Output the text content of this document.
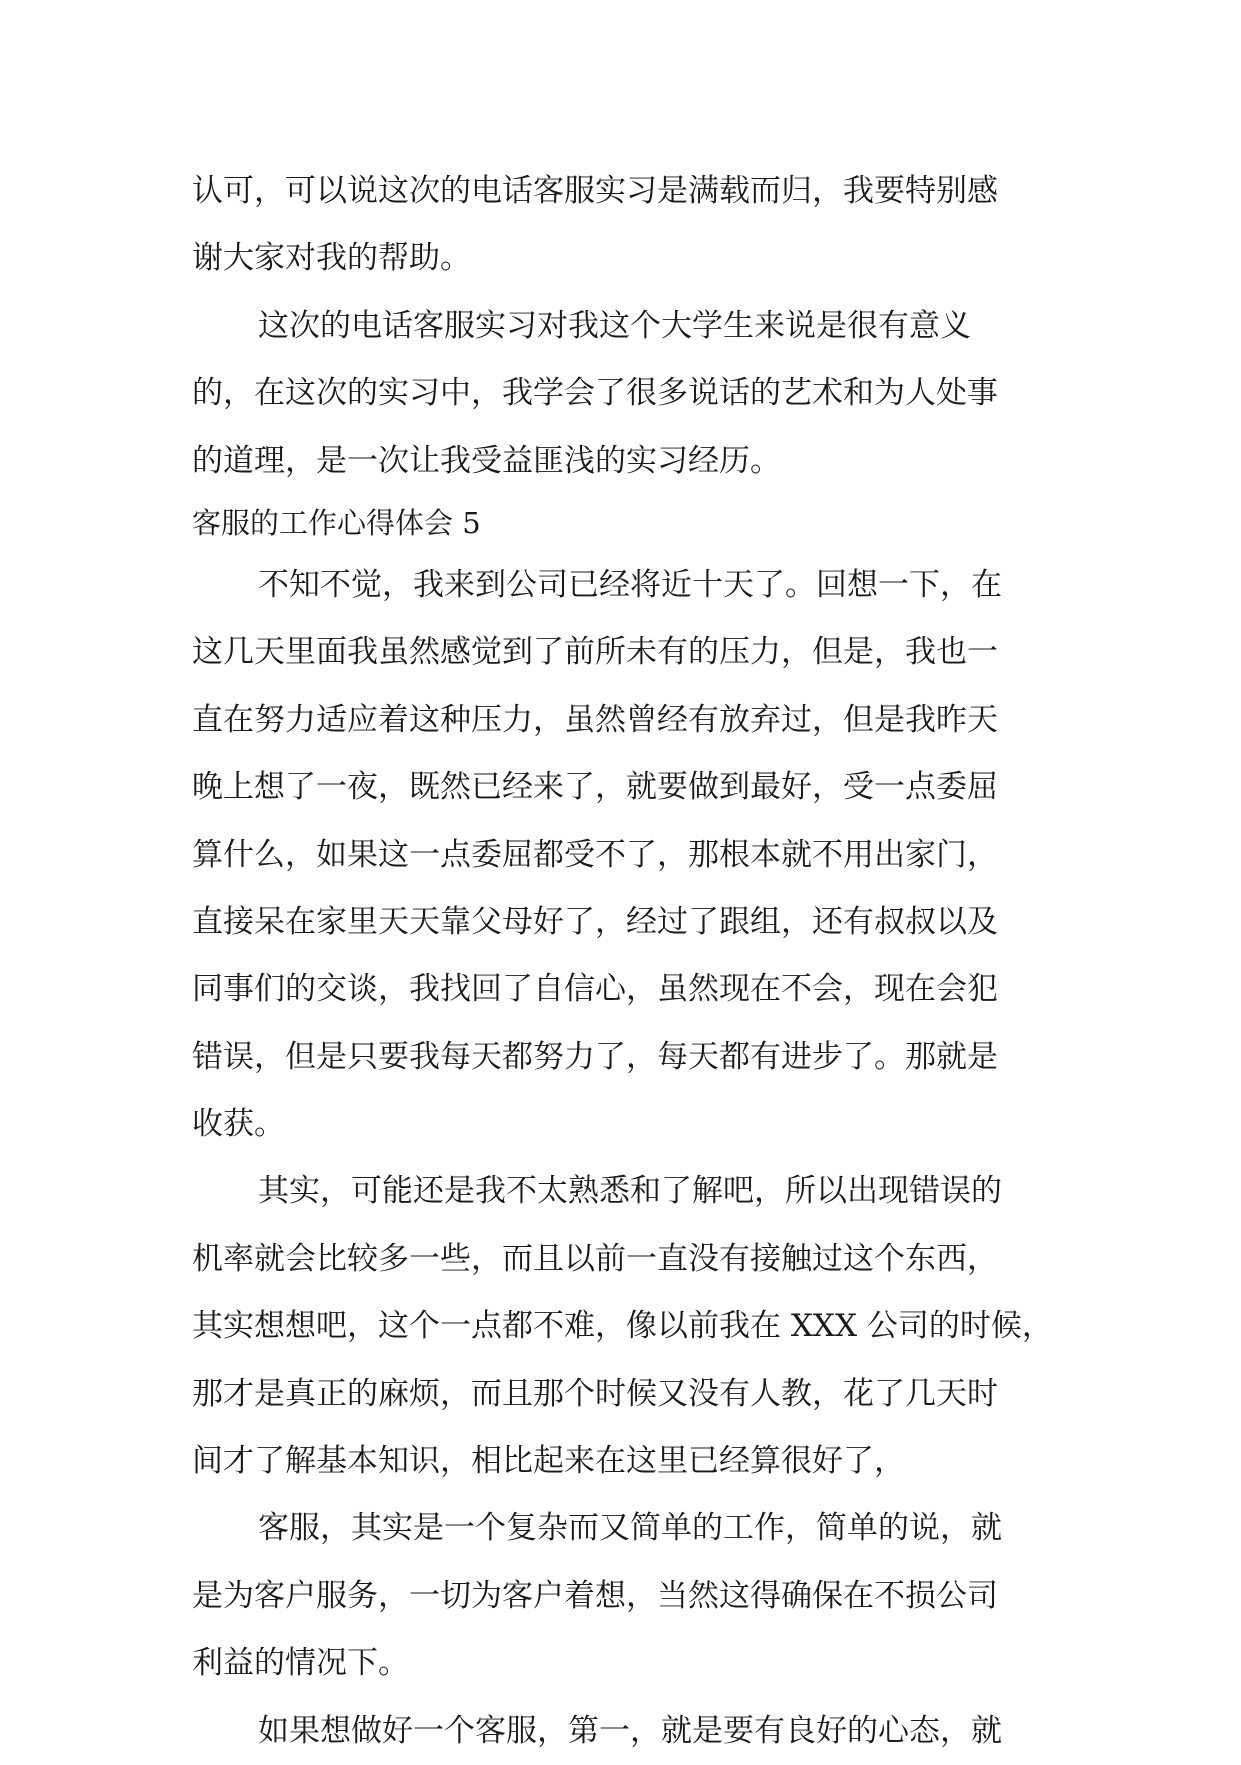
认可，可以说这次的电话客服实习是满载而归，我要特别感
谢大家对我的帮助。
这次的电话客服实习对我这个大学生来说是很有意义
的，在这次的实习中，我学会了很多说话的艺术和为人处事
的道理，是一次让我受益匪浅的实习经历。
客服的工作心得体会 5
不知不觉，我来到公司已经将近十天了。回想一下，在
这几天里面我虽然感觉到了前所未有的压力，但是，我也一
直在努力适应着这种压力，虽然曾经有放弃过，但是我昨天
晚上想了一夜，既然已经来了，就要做到最好，受一点委屈
算什么，如果这一点委屈都受不了，那根本就不用出家门，
直接呆在家里天天靠父母好了，经过了跟组，还有叔叔以及
同事们的交谈，我找回了自信心，虽然现在不会，现在会犯
错误，但是只要我每天都努力了，每天都有进步了。那就是
收获。
其实，可能还是我不太熟悉和了解吧，所以出现错误的
机率就会比较多一些，而且以前一直没有接触过这个东西，
其实想想吧，这个一点都不难，像以前我在 XXX 公司的时候，
那才是真正的麻烦，而且那个时候又没有人教，花了几天时
间才了解基本知识，相比起来在这里已经算很好了，
客服，其实是一个复杂而又简单的工作，简单的说，就
是为客户服务，一切为客户着想，当然这得确保在不损公司
利益的情况下。
如果想做好一个客服，第一，就是要有良好的心态，就
